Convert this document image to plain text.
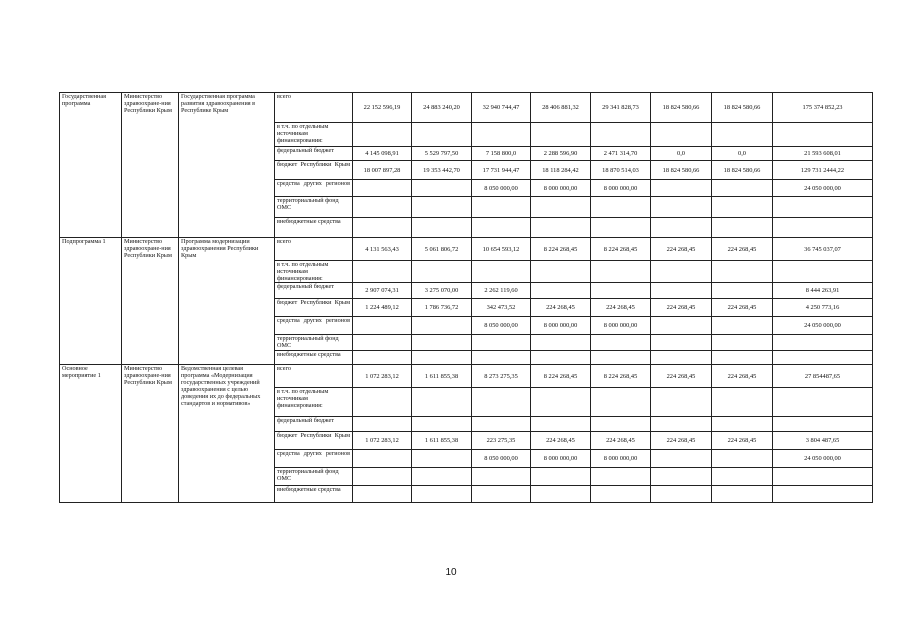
Государственная программа	Министерство здравоохране-ния Республики Крым	Государственная программа развития здравоохранения в Республике Крым	всего	22 152 596,19	24 883 240,20	32 940 744,47	28 406 881,32	29 341 828,73	18 824 580,66	18 824 580,66	175 374 852,23
			в т.ч. по отдельным источникам финансирования:								
			федеральный бюджет	4 145 098,91	5 529 797,50	7 158 800,0	2 288 596,90	2 471 314,70	0,0	0,0	21 593 608,01
			бюджет Республики Крым	18 007 897,28	19 353 442,70	17 731 944,47	18 118 284,42	18 870 514,03	18 824 580,66	18 824 580,66	129 731 2444,22
			средства других регионов			8 050 000,00	8 000 000,00	8 000 000,00			24 050 000,00
			территориальный фонд ОМС								
			внебюджетные средства								
Подпрограмма 1	Министерство здравоохране-ния Республики Крым	Программа модернизации здравоохранения Республики Крым	всего	4 131 563,43	5 061 806,72	10 654 593,12	8 224 268,45	8 224 268,45	224 268,45	224 268,45	36 745 037,07
			в т.ч. по отдельным источникам финансирования:								
			федеральный бюджет	2 907 074,31	3 275 070,00	2 262 119,60					8 444 263,91
			бюджет Республики Крым	1 224 489,12	1 786 736,72	342 473,52	224 268,45	224 268,45	224 268,45	224 268,45	4 250 773,16
			средства других регионов			8 050 000,00	8 000 000,00	8 000 000,00			24 050 000,00
			территориальный фонд ОМС								
			внебюджетные средства								
Основное мероприятие 1	Министерство здравоохране-ния Республики Крым	Ведомственная целевая программа «Модернизация государственных учреждений здравоохранения с целью доведения их до федеральных стандартов и нормативов»	всего	1 072 283,12	1 611 855,38	8 273 275,35	8 224 268,45	8 224 268,45	224 268,45	224 268,45	27 854487,65
			в т.ч. по отдельным источникам финансирования:								
			федеральный бюджет								
			бюджет Республики Крым	1 072 283,12	1 611 855,38	223 275,35	224 268,45	224 268,45	224 268,45	224 268,45	3 804 487,65
			средства других регионов			8 050 000,00	8 000 000,00	8 000 000,00			24 050 000,00
			территориальный фонд ОМС								
			внебюджетные средства								
10
